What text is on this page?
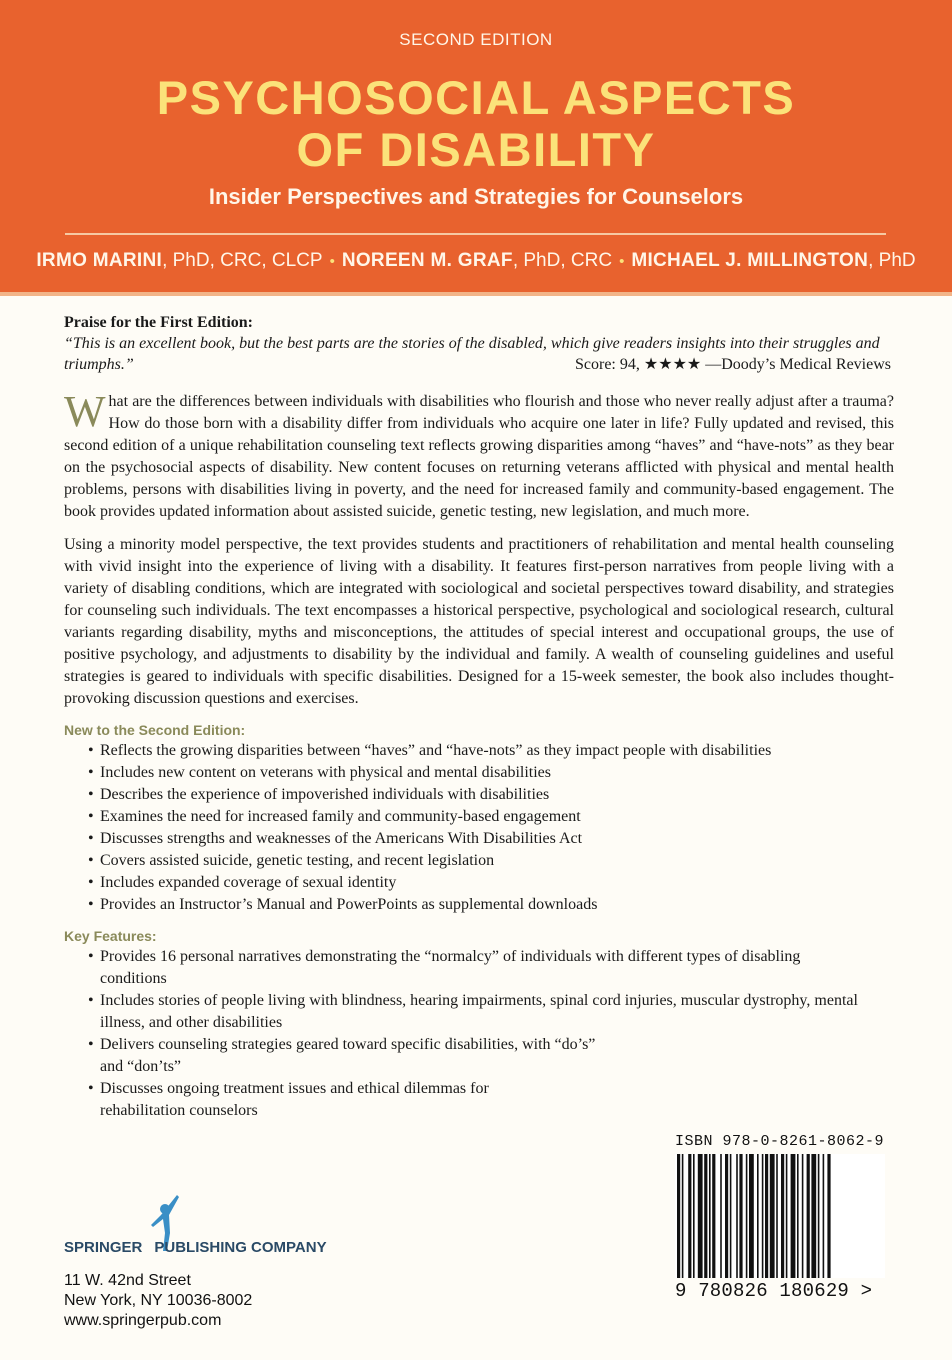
SECOND EDITION
PSYCHOSOCIAL ASPECTS
OF DISABILITY
Insider Perspectives and Strategies for Counselors
IRMO MARINI, PhD, CRC, CLCP • NOREEN M. GRAF, PhD, CRC • MICHAEL J. MILLINGTON, PhD
Praise for the First Edition:
“This is an excellent book, but the best parts are the stories of the disabled, which give readers insights into their struggles and triumphs.”	Score: 94, ★★★★ —Doody’s Medical Reviews
What are the differences between individuals with disabilities who flourish and those who never really adjust after a trauma? How do those born with a disability differ from individuals who acquire one later in life? Fully updated and revised, this second edition of a unique rehabilitation counseling text reflects growing disparities among “haves” and “have-nots” as they bear on the psychosocial aspects of disability. New content focuses on returning veterans afflicted with physical and mental health problems, persons with disabilities living in poverty, and the need for increased family and community-based engagement. The book provides updated information about assisted suicide, genetic testing, new legislation, and much more.
Using a minority model perspective, the text provides students and practitioners of rehabilitation and mental health counseling with vivid insight into the experience of living with a disability. It features first-person narratives from people living with a variety of disabling conditions, which are integrated with sociological and societal perspectives toward disability, and strategies for counseling such individuals. The text encompasses a historical perspective, psychological and sociological research, cultural variants regarding disability, myths and misconceptions, the attitudes of special interest and occupational groups, the use of positive psychology, and adjustments to disability by the individual and family. A wealth of counseling guidelines and useful strategies is geared to individuals with specific disabilities. Designed for a 15-week semester, the book also includes thought-provoking discussion questions and exercises.
New to the Second Edition:
• Reflects the growing disparities between “haves” and “have-nots” as they impact people with disabilities
• Includes new content on veterans with physical and mental disabilities
• Describes the experience of impoverished individuals with disabilities
• Examines the need for increased family and community-based engagement
• Discusses strengths and weaknesses of the Americans With Disabilities Act
• Covers assisted suicide, genetic testing, and recent legislation
• Includes expanded coverage of sexual identity
• Provides an Instructor’s Manual and PowerPoints as supplemental downloads
Key Features:
• Provides 16 personal narratives demonstrating the “normalcy” of individuals with different types of disabling conditions
• Includes stories of people living with blindness, hearing impairments, spinal cord injuries, muscular dystrophy, mental illness, and other disabilities
• Delivers counseling strategies geared toward specific disabilities, with “do’s” and “don’ts”
• Discusses ongoing treatment issues and ethical dilemmas for rehabilitation counselors
SPRINGER PUBLISHING COMPANY
11 W. 42nd Street
New York, NY 10036-8002
www.springerpub.com
ISBN 978-0-8261-8062-9
9 780826 180629 >
